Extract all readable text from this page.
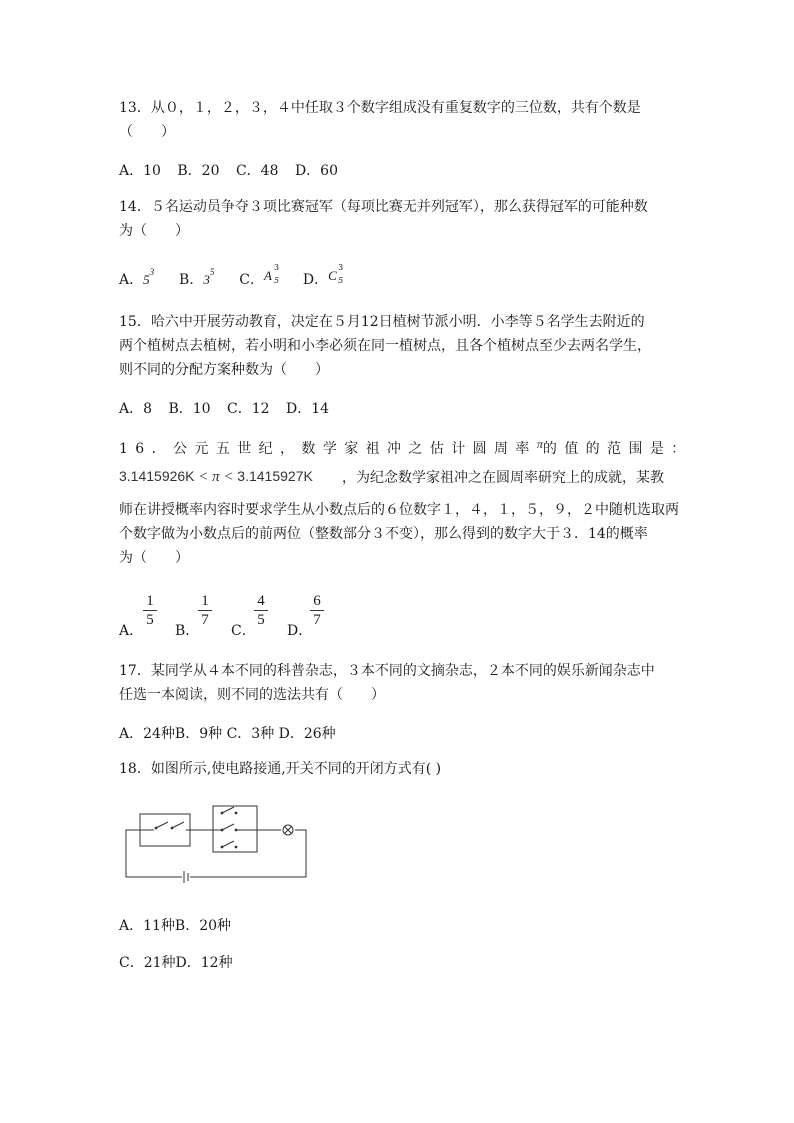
13．从０，１，２，３，４中任取３个数字组成没有重复数字的三位数，共有个数是
（　　）
A．10 B．20 C．48 D．60
14．５名运动员争夺３项比赛冠军（每项比赛无并列冠军），那么获得冠军的可能种数
为（　　）
A．$5^3$ B．$3^5$ C． A
3
5 D． C
3
5
15．哈六中开展劳动教育，决定在５月12日植树节派小明．小李等５名学生去附近的
两个植树点去植树，若小明和小李必须在同一植树点，且各个植树点至少去两名学生，
则不同的分配方案种数为（　　）
A．8 B．10 C．12 D．14
16．公元五世纪，数学家祖冲之估计圆周率π的值的范围是：
3.1415926K < π < 3.1415927K ，为纪念数学家祖冲之在圆周率研究上的成就，某教
师在讲授概率内容时要求学生从小数点后的６位数字１，４，１，５，９，２中随机选取两
个数字做为小数点后的前两位（整数部分３不变），那么得到的数字大于３．14的概率
为（　　）
A．
$\frac{1}{5}$
B．
$\frac{1}{7}$
C．
$\frac{4}{5}$
D．
$\frac{6}{7}$
17．某同学从４本不同的科普杂志，３本不同的文摘杂志，２本不同的娱乐新闻杂志中
任选一本阅读，则不同的选法共有（　　）
A．24种B．9种 C．3种 D．26种
18．如图所示,使电路接通,开关不同的开闭方式有( )
A．11种B．20种
C．21种D．12种
